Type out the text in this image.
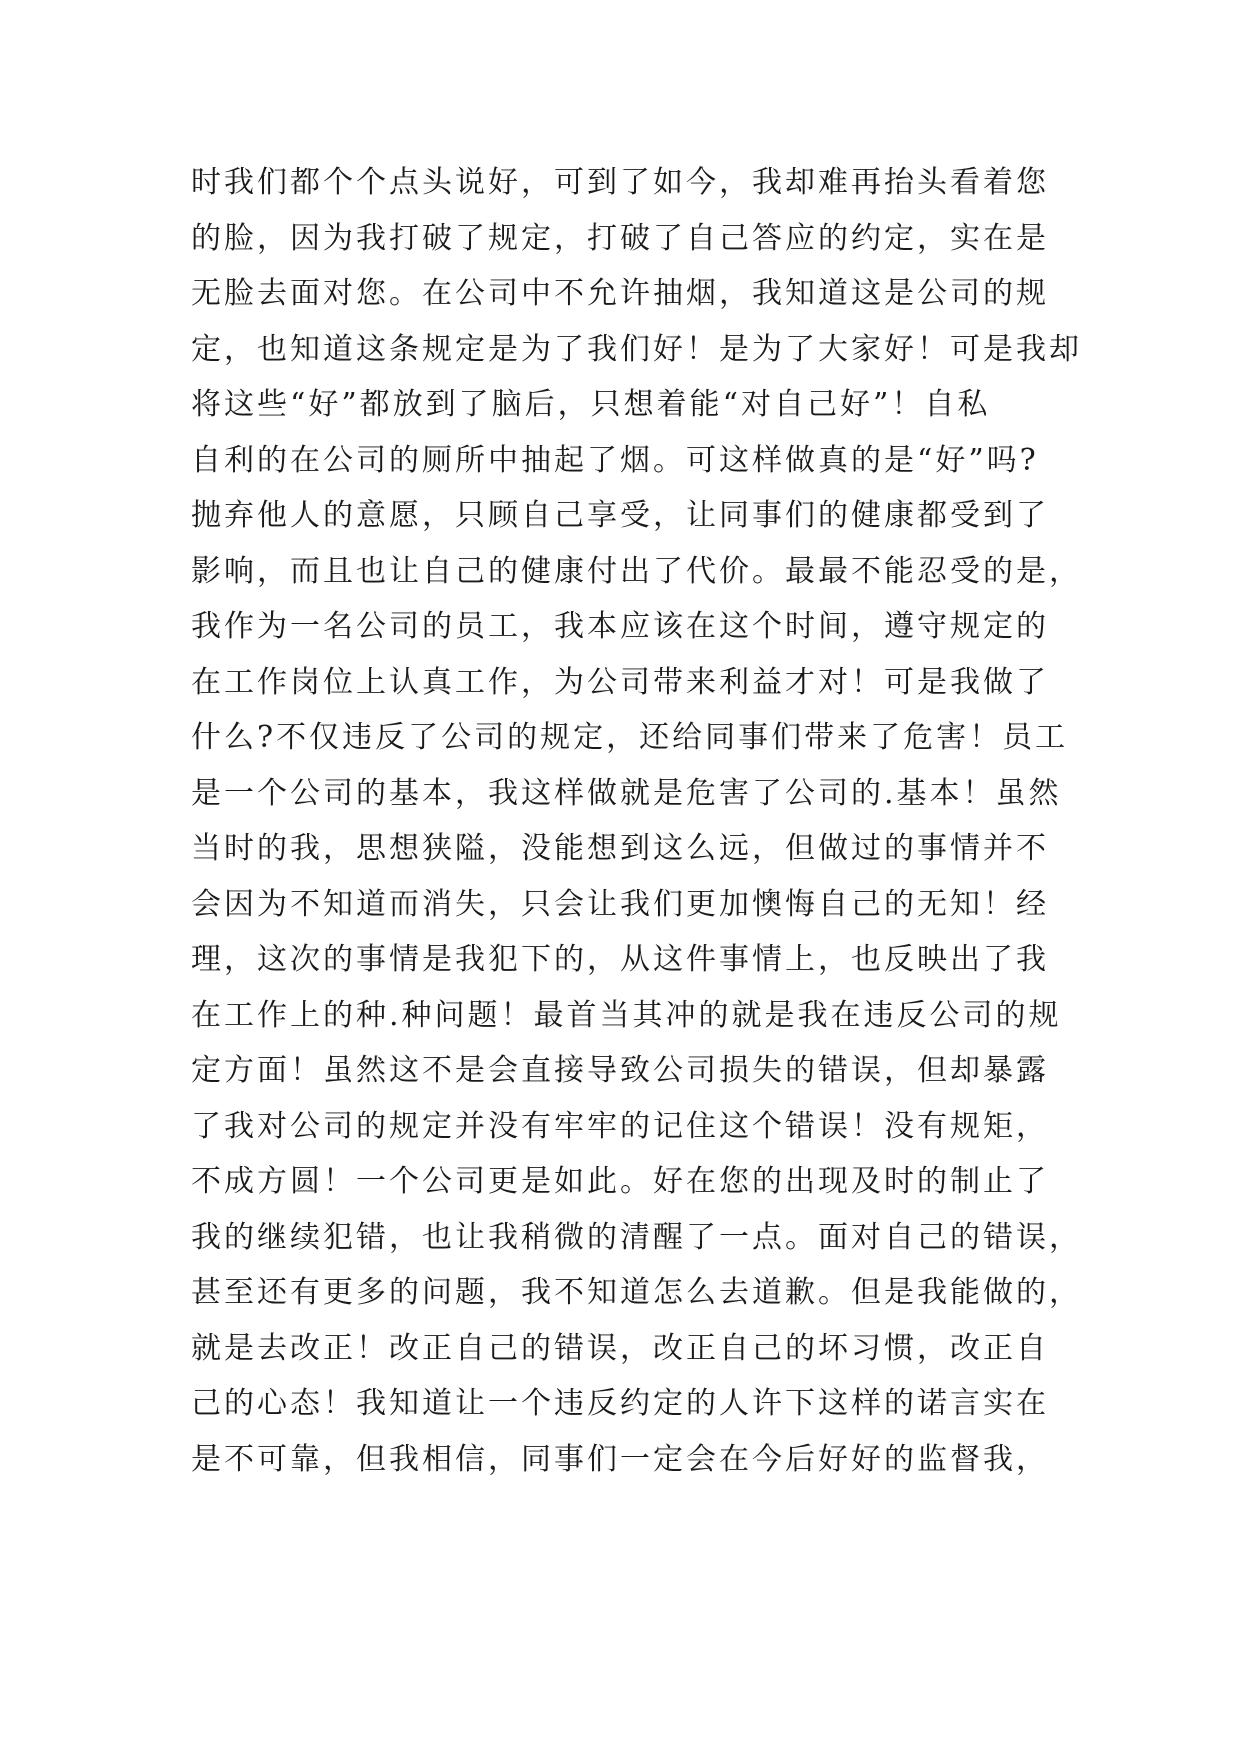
时我们都个个点头说好，可到了如今，我却难再抬头看着您
的脸，因为我打破了规定，打破了自己答应的约定，实在是
无脸去面对您。在公司中不允许抽烟，我知道这是公司的规
定，也知道这条规定是为了我们好！是为了大家好！可是我却
将这些“好”都放到了脑后，只想着能“对自己好”！自私
自利的在公司的厕所中抽起了烟。可这样做真的是“好”吗?
抛弃他人的意愿，只顾自己享受，让同事们的健康都受到了
影响，而且也让自己的健康付出了代价。最最不能忍受的是，
我作为一名公司的员工，我本应该在这个时间，遵守规定的
在工作岗位上认真工作，为公司带来利益才对！可是我做了
什么?不仅违反了公司的规定，还给同事们带来了危害！员工
是一个公司的基本，我这样做就是危害了公司的.基本！虽然
当时的我，思想狭隘，没能想到这么远，但做过的事情并不
会因为不知道而消失，只会让我们更加懊悔自己的无知！经
理，这次的事情是我犯下的，从这件事情上，也反映出了我
在工作上的种.种问题！最首当其冲的就是我在违反公司的规
定方面！虽然这不是会直接导致公司损失的错误，但却暴露
了我对公司的规定并没有牢牢的记住这个错误！没有规矩，
不成方圆！一个公司更是如此。好在您的出现及时的制止了
我的继续犯错，也让我稍微的清醒了一点。面对自己的错误，
甚至还有更多的问题，我不知道怎么去道歉。但是我能做的，
就是去改正！改正自己的错误，改正自己的坏习惯，改正自
己的心态！我知道让一个违反约定的人许下这样的诺言实在
是不可靠，但我相信，同事们一定会在今后好好的监督我，
